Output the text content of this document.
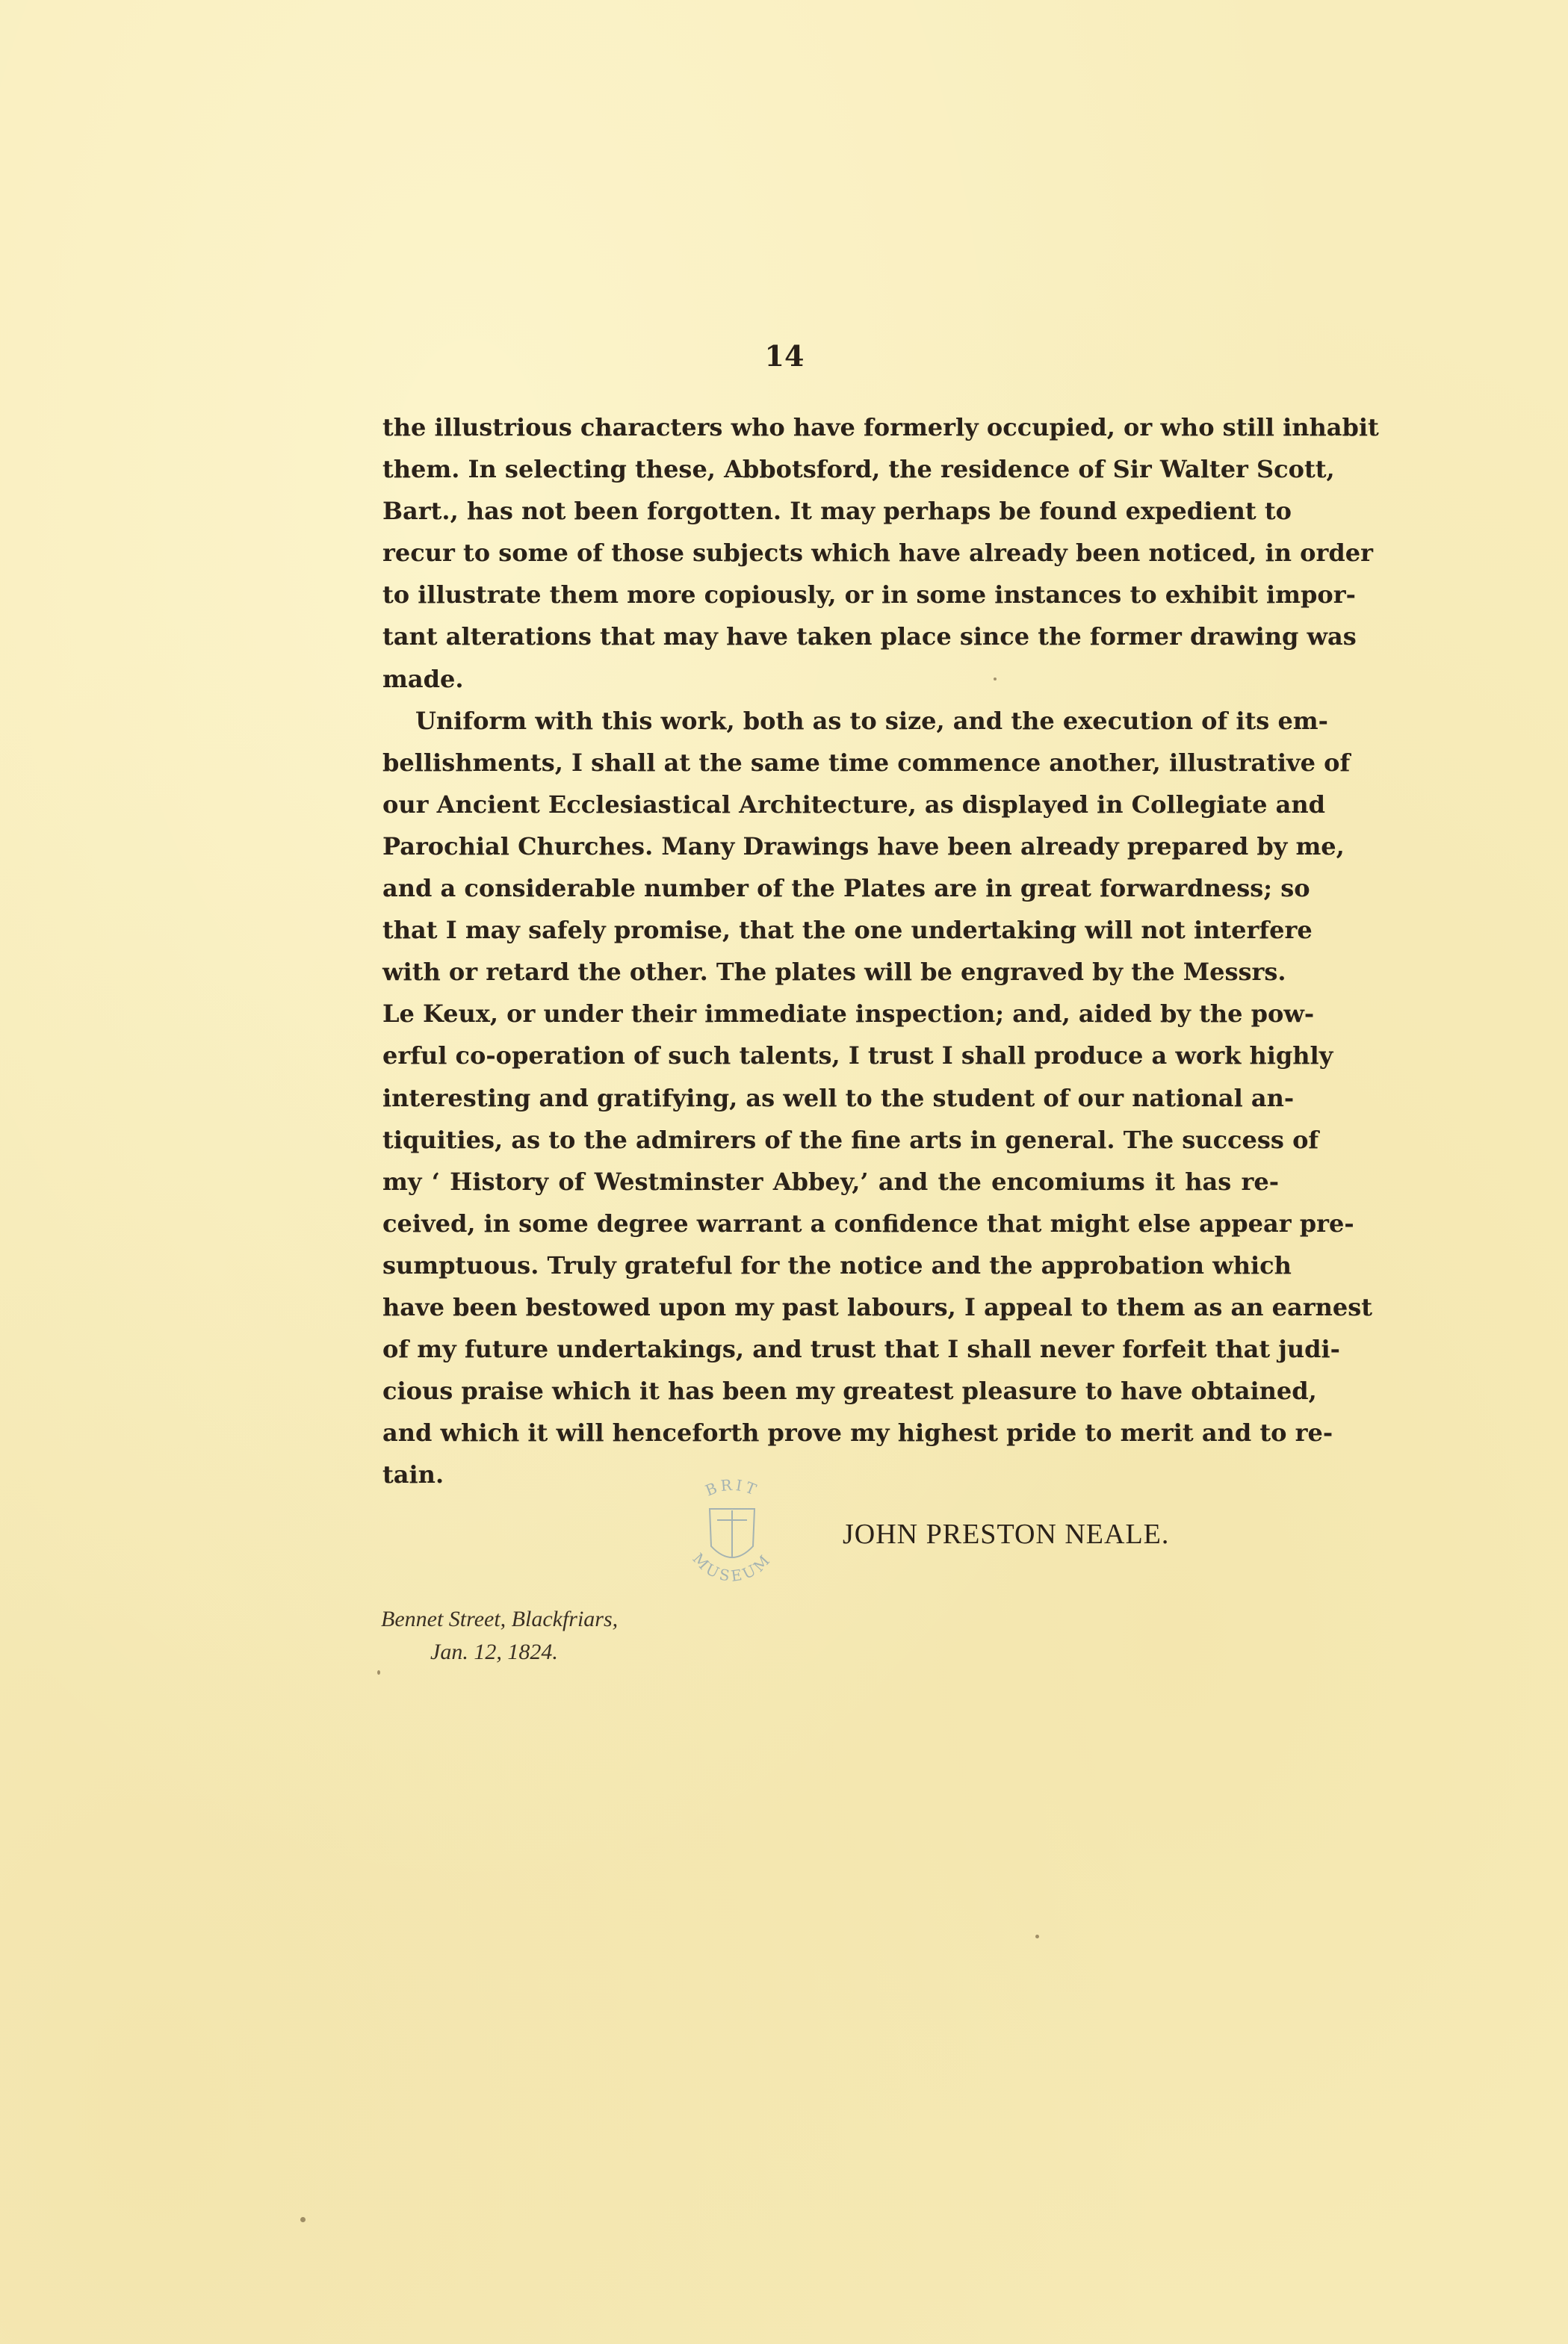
14
the illustrious characters who have formerly occupied, or who still inhabit
them. In selecting these, Abbotsford, the residence of Sir Walter Scott,
Bart., has not been forgotten. It may perhaps be found expedient to
recur to some of those subjects which have already been noticed, in order
to illustrate them more copiously, or in some instances to exhibit impor-
tant alterations that may have taken place since the former drawing was
made.
Uniform with this work, both as to size, and the execution of its em-
bellishments, I shall at the same time commence another, illustrative of
our Ancient Ecclesiastical Architecture, as displayed in Collegiate and
Parochial Churches. Many Drawings have been already prepared by me,
and a considerable number of the Plates are in great forwardness; so
that I may safely promise, that the one undertaking will not interfere
with or retard the other. The plates will be engraved by the Messrs.
Le Keux, or under their immediate inspection; and, aided by the pow-
erful co-operation of such talents, I trust I shall produce a work highly
interesting and gratifying, as well to the student of our national an-
tiquities, as to the admirers of the fine arts in general. The success of
my ‘ History of Westminster Abbey,’ and the encomiums it has re-
ceived, in some degree warrant a confidence that might else appear pre-
sumptuous. Truly grateful for the notice and the approbation which
have been bestowed upon my past labours, I appeal to them as an earnest
of my future undertakings, and trust that I shall never forfeit that judi-
cious praise which it has been my greatest pleasure to have obtained,
and which it will henceforth prove my highest pride to merit and to re-
tain.	BRIT
MUSEUM
JOHN PRESTON NEALE.
Bennet Street, Blackfriars,
Jan. 12, 1824.
